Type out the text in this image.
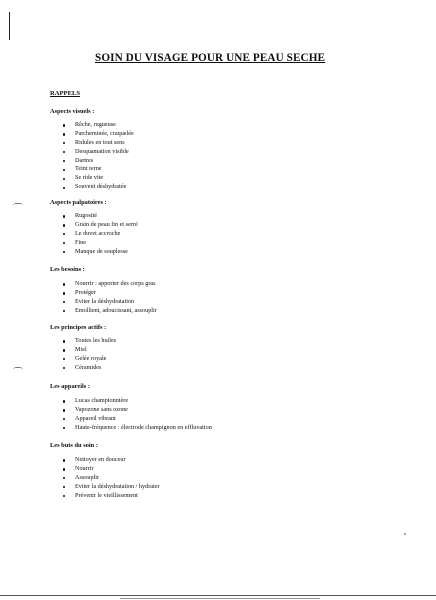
⌒
⌒
SOIN DU VISAGE POUR UNE PEAU SECHE
RAPPELS
Aspects visuels :
Rêche, rugueuse
Parcheminée, craquelée
Ridules en tout sens
Desquamation visible
Dartres
Teint terne
Se ride vite
Souvent déshydratée
Aspects palpatoires :
Rugosité
Grain de peau fin et serré
Le duvet accroche
Fine
Manque de souplesse
Les besoins :
Nourrir : apporter des corps gras
Protéger
Eviter la déshydratation
Emollient, adoucissant, assouplir
Les principes actifs :
Toutes les huiles
Miel
Gelée royale
Céramides
Les appareils :
Lucas championnière
Vapozone sans ozone
Appareil vibrant
Haute-fréquence : électrode champignon en effluvation
Les buts du soin :
Nettoyer en douceur
Nourrir
Assouplir
Eviter la déshydratation / hydrater
Prévenir le vieillissement
